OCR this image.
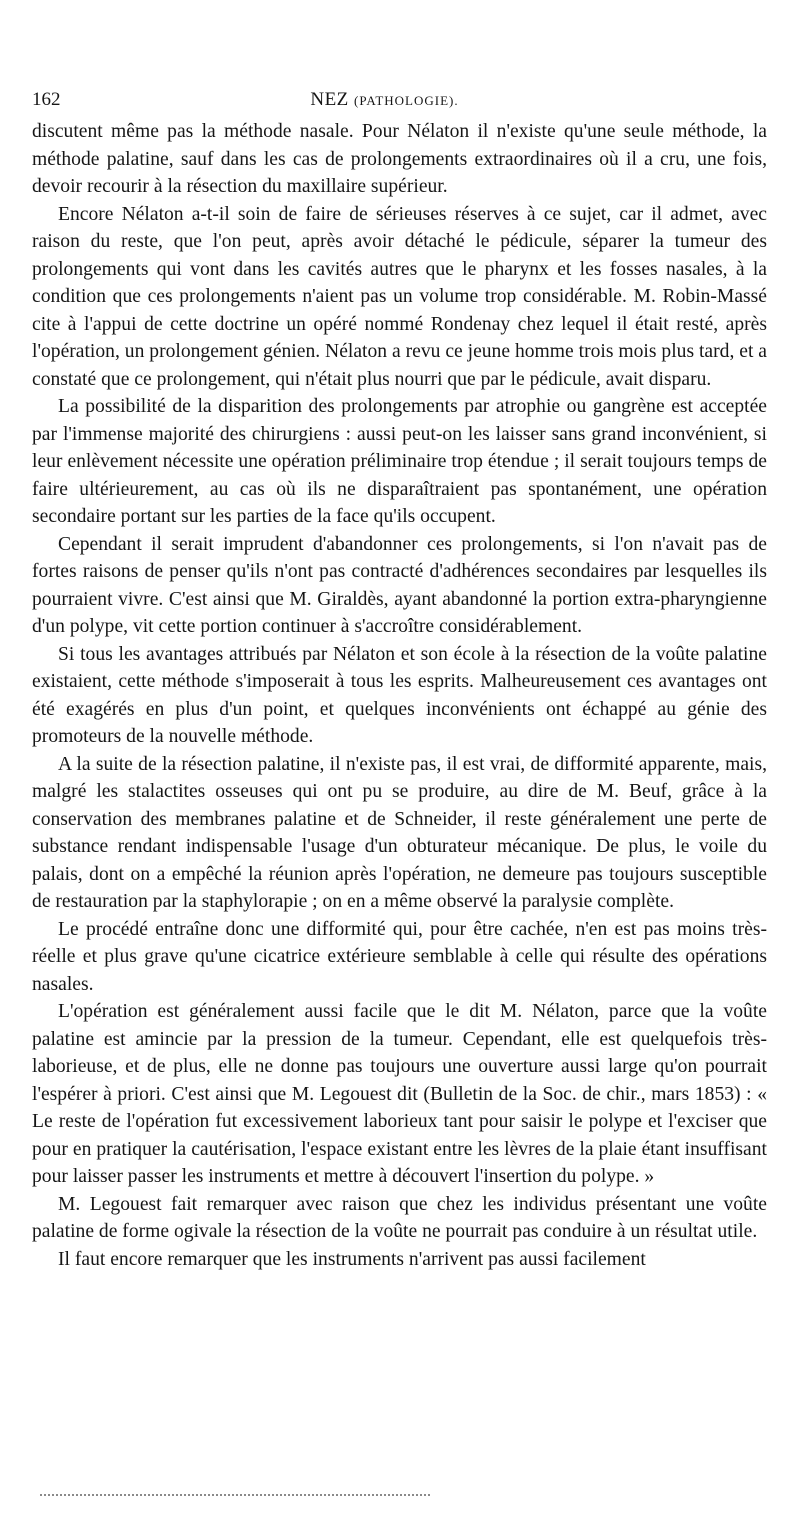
162	NEZ (PATHOLOGIE).

discutent même pas la méthode nasale. Pour Nélaton il n'existe qu'une seule méthode, la méthode palatine, sauf dans les cas de prolongements extraordinaires où il a cru, une fois, devoir recourir à la résection du maxillaire supérieur.

Encore Nélaton a-t-il soin de faire de sérieuses réserves à ce sujet, car il admet, avec raison du reste, que l'on peut, après avoir détaché le pédicule, séparer la tumeur des prolongements qui vont dans les cavités autres que le pharynx et les fosses nasales, à la condition que ces prolongements n'aient pas un volume trop considérable. M. Robin-Massé cite à l'appui de cette doctrine un opéré nommé Rondenay chez lequel il était resté, après l'opération, un prolongement génien. Nélaton a revu ce jeune homme trois mois plus tard, et a constaté que ce prolongement, qui n'était plus nourri que par le pédicule, avait disparu.

La possibilité de la disparition des prolongements par atrophie ou gangrène est acceptée par l'immense majorité des chirurgiens : aussi peut-on les laisser sans grand inconvénient, si leur enlèvement nécessite une opération préliminaire trop étendue ; il serait toujours temps de faire ultérieurement, au cas où ils ne disparaîtraient pas spontanément, une opération secondaire portant sur les parties de la face qu'ils occupent.

Cependant il serait imprudent d'abandonner ces prolongements, si l'on n'avait pas de fortes raisons de penser qu'ils n'ont pas contracté d'adhérences secondaires par lesquelles ils pourraient vivre. C'est ainsi que M. Giraldès, ayant abandonné la portion extra-pharyngienne d'un polype, vit cette portion continuer à s'accroître considérablement.

Si tous les avantages attribués par Nélaton et son école à la résection de la voûte palatine existaient, cette méthode s'imposerait à tous les esprits. Malheureusement ces avantages ont été exagérés en plus d'un point, et quelques inconvénients ont échappé au génie des promoteurs de la nouvelle méthode.

A la suite de la résection palatine, il n'existe pas, il est vrai, de difformité apparente, mais, malgré les stalactites osseuses qui ont pu se produire, au dire de M. Beuf, grâce à la conservation des membranes palatine et de Schneider, il reste généralement une perte de substance rendant indispensable l'usage d'un obturateur mécanique. De plus, le voile du palais, dont on a empêché la réunion après l'opération, ne demeure pas toujours susceptible de restauration par la staphylorapie ; on en a même observé la paralysie complète.

Le procédé entraîne donc une difformité qui, pour être cachée, n'en est pas moins très-réelle et plus grave qu'une cicatrice extérieure semblable à celle qui résulte des opérations nasales.

L'opération est généralement aussi facile que le dit M. Nélaton, parce que la voûte palatine est amincie par la pression de la tumeur. Cependant, elle est quelquefois très-laborieuse, et de plus, elle ne donne pas toujours une ouverture aussi large qu'on pourrait l'espérer à priori. C'est ainsi que M. Legouest dit (Bulletin de la Soc. de chir., mars 1853) : « Le reste de l'opération fut excessivement laborieux tant pour saisir le polype et l'exciser que pour en pratiquer la cautérisation, l'espace existant entre les lèvres de la plaie étant insuffisant pour laisser passer les instruments et mettre à découvert l'insertion du polype. »

M. Legouest fait remarquer avec raison que chez les individus présentant une voûte palatine de forme ogivale la résection de la voûte ne pourrait pas conduire à un résultat utile.

Il faut encore remarquer que les instruments n'arrivent pas aussi facilement
